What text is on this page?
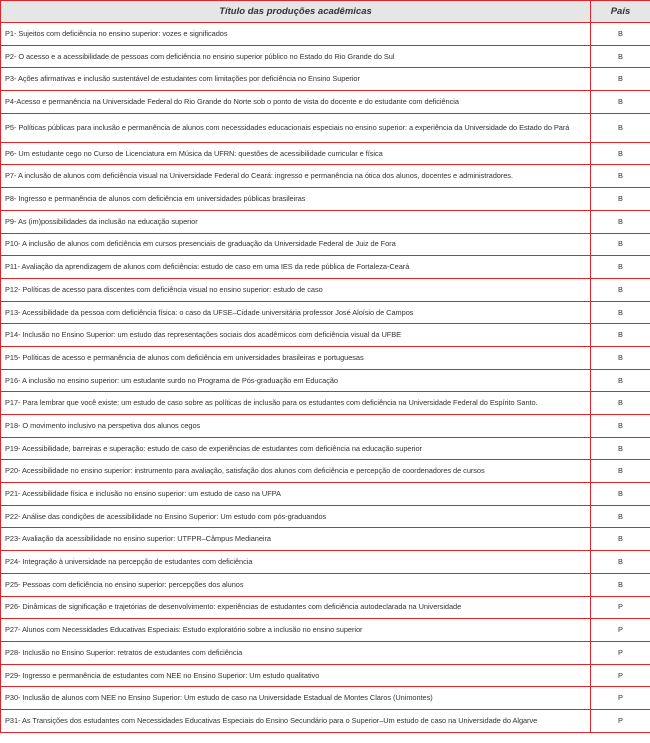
Título das produções acadêmicas	País
P1- Sujeitos com deficiência no ensino superior: vozes e significados	B
P2- O acesso e a acessibilidade de pessoas com deficiência no ensino superior público no Estado do Rio Grande do Sul	B
P3- Ações afirmativas e inclusão sustentável de estudantes com limitações por deficiência no Ensino Superior	B
P4-Acesso e permanência na Universidade Federal do Rio Grande do Norte sob o ponto de vista do docente e do estudante com deficiência	B
P5- Políticas públicas para inclusão e permanência de alunos com necessidades educacionais especiais no ensino superior: a experiência da Universidade do Estado do Pará	B
P6- Um estudante cego no Curso de Licenciatura em Música da UFRN: questões de acessibilidade curricular e física	B
P7- A inclusão de alunos com deficiência visual na Universidade Federal do Ceará: ingresso e permanência na ótica dos alunos, docentes e administradores.	B
P8- Ingresso e permanência de alunos com deficiência em universidades públicas brasileiras	B
P9- As (im)possibilidades da inclusão na educação superior	B
P10- A inclusão de alunos com deficiência em cursos presenciais de graduação da Universidade Federal de Juiz de Fora	B
P11- Avaliação da aprendizagem de alunos com deficiência: estudo de caso em uma IES da rede pública de Fortaleza-Ceará	B
P12- Políticas de acesso para discentes com deficiência visual no ensino superior: estudo de caso	B
P13- Acessibilidade da pessoa com deficiência física: o caso da UFSE–Cidade universitária professor José Aloísio de Campos	B
P14- Inclusão no Ensino Superior: um estudo das representações sociais dos acadêmicos com deficiência visual da UFBE	B
P15- Políticas de acesso e permanência de alunos com deficiência em universidades brasileiras e portuguesas	B
P16- A inclusão no ensino superior: um estudante surdo no Programa de Pós-graduação em Educação	B
P17- Para lembrar que você existe: um estudo de caso sobre as políticas de inclusão para os estudantes com deficiência na Universidade Federal do Espírito Santo.	B
P18- O movimento inclusivo na perspetiva dos alunos cegos	B
P19- Acessibilidade, barreiras e superação: estudo de caso de experiências de estudantes com deficiência na educação superior	B
P20- Acessibilidade no ensino superior: instrumento para avaliação, satisfação dos alunos com deficiência e percepção de coordenadores de cursos	B
P21- Acessibilidade física e inclusão no ensino superior: um estudo de caso na UFPA	B
P22- Análise das condições de acessibilidade no Ensino Superior: Um estudo com pós-graduandos	B
P23- Avaliação da acessibilidade no ensino superior: UTFPR–Câmpus Medianeira	B
P24- Integração à universidade na percepção de estudantes com deficiência	B
P25- Pessoas com deficiência no ensino superior: percepções dos alunos	B
P26- Dinâmicas de significação e trajetórias de desenvolvimento: experiências de estudantes com deficiência autodeclarada na Universidade	P
P27- Alunos com Necessidades Educativas Especiais: Estudo exploratório sobre a inclusão no ensino superior	P
P28- Inclusão no Ensino Superior: retratos de estudantes com deficiência	P
P29- Ingresso e permanência de estudantes com NEE no Ensino Superior: Um estudo qualitativo	P
P30- Inclusão de alunos com NEE no Ensino Superior: Um estudo de caso na Universidade Estadual de Montes Claros (Unimontes)	P
P31- As Transições dos estudantes com Necessidades Educativas Especiais do Ensino Secundário para o Superior–Um estudo de caso na Universidade do Algarve	P
